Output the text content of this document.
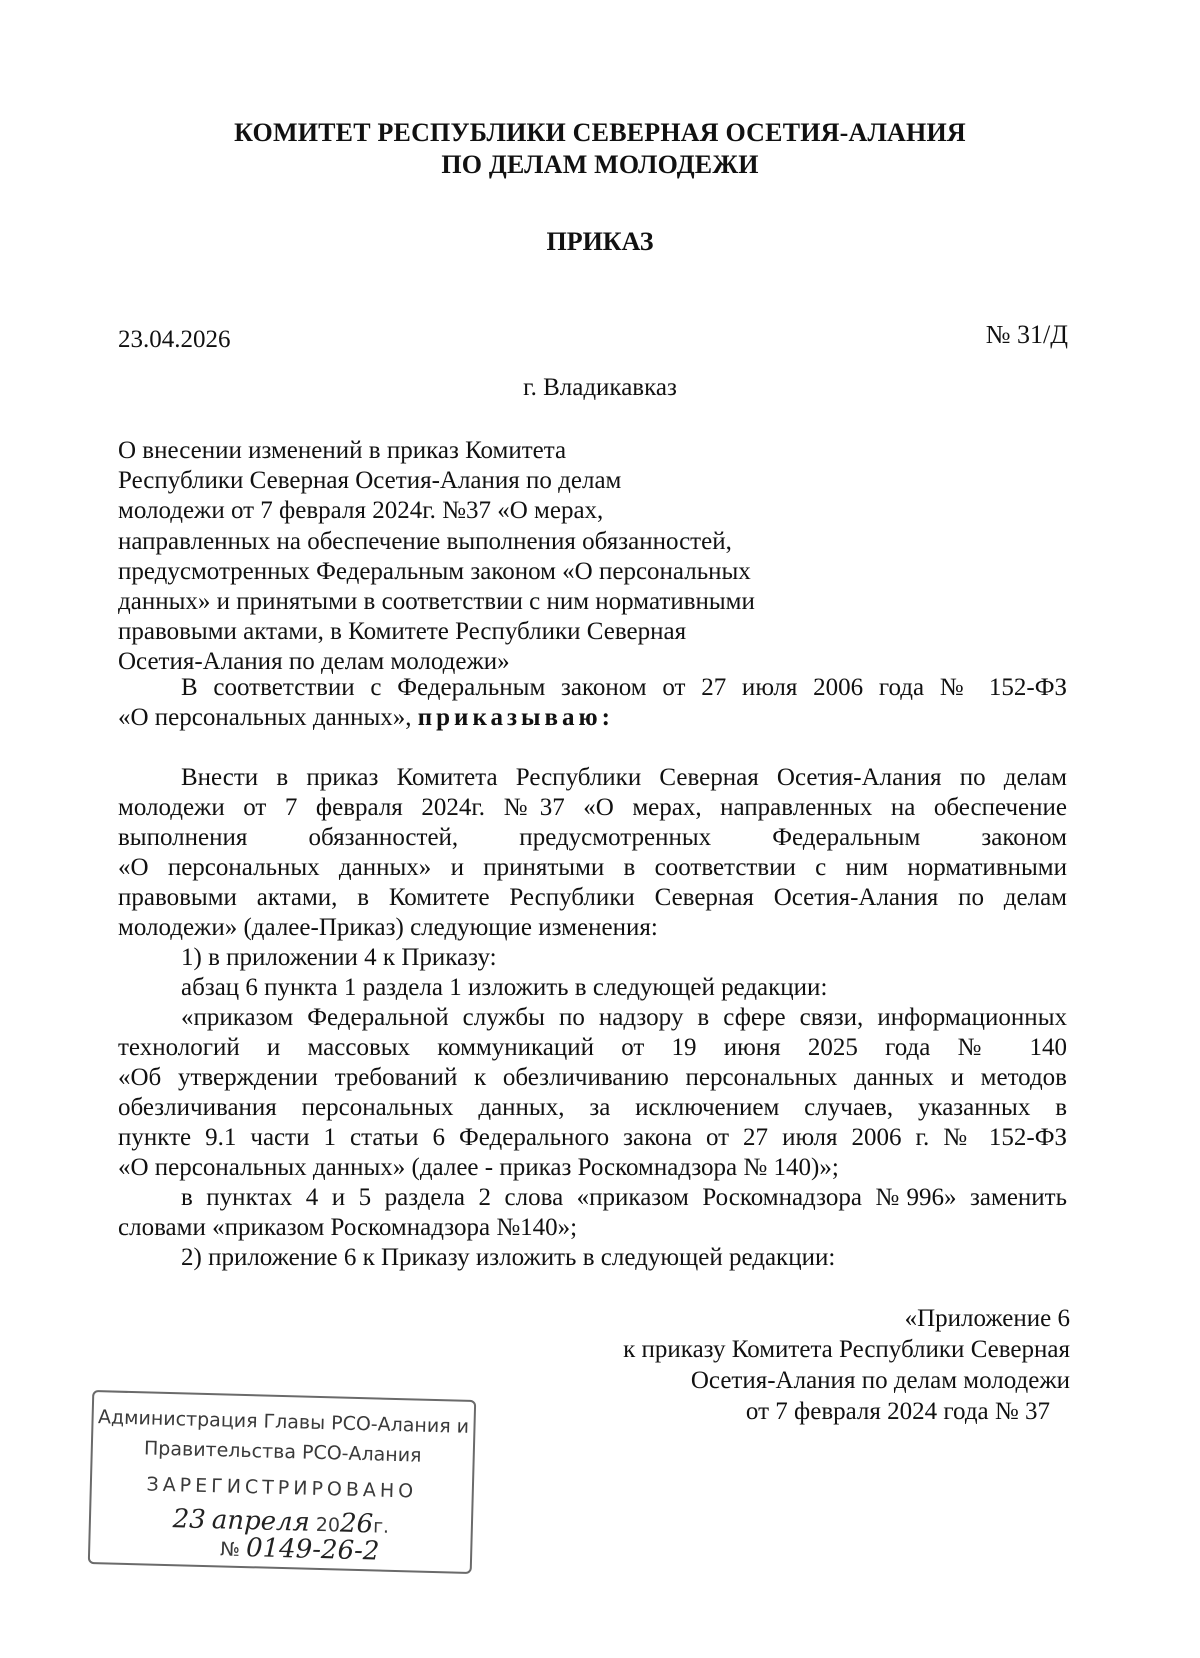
КОМИТЕТ РЕСПУБЛИКИ СЕВЕРНАЯ ОСЕТИЯ-АЛАНИЯ
ПО ДЕЛАМ МОЛОДЕЖИ
ПРИКАЗ
23.04.2026	№ 31/Д
г. Владикавказ
О внесении изменений в приказ Комитета
Республики Северная Осетия-Алания по делам
молодежи от 7 февраля 2024г. №37 «О мерах,
направленных на обеспечение выполнения обязанностей,
предусмотренных Федеральным законом «О персональных
данных» и принятыми в соответствии с ним нормативными
правовыми актами, в Комитете Республики Северная
Осетия-Алания по делам молодежи»
В соответствии с Федеральным законом от 27 июля 2006 года № 152-ФЗ
«О персональных данных», приказываю:
Внести в приказ Комитета Республики Северная Осетия-Алания по делам
молодежи от 7 февраля 2024г. №37 «О мерах, направленных на обеспечение
выполнения обязанностей, предусмотренных Федеральным законом
«О персональных данных» и принятыми в соответствии с ним нормативными
правовыми актами, в Комитете Республики Северная Осетия-Алания по делам
молодежи» (далее-Приказ) следующие изменения:
1) в приложении 4 к Приказу:
абзац 6 пункта 1 раздела 1 изложить в следующей редакции:
«приказом Федеральной службы по надзору в сфере связи, информационных
технологий и массовых коммуникаций от 19 июня 2025 года № 140
«Об утверждении требований к обезличиванию персональных данных и методов
обезличивания персональных данных, за исключением случаев, указанных в
пункте 9.1 части 1 статьи 6 Федерального закона от 27 июля 2006 г. № 152-ФЗ
«О персональных данных» (далее - приказ Роскомнадзора № 140)»;
в пунктах 4 и 5 раздела 2 слова «приказом Роскомнадзора №996» заменить
словами «приказом Роскомнадзора №140»;
2) приложение 6 к Приказу изложить в следующей редакции:
«Приложение 6
к приказу Комитета Республики Северная
Осетия-Алания по делам молодежи
от 7 февраля 2024 года № 37
Администрация Главы РСО-Алания и
Правительства РСО-Алания
ЗАРЕГИСТРИРОВАНО
23 апреля 2026г.
№ 0149-26-2
